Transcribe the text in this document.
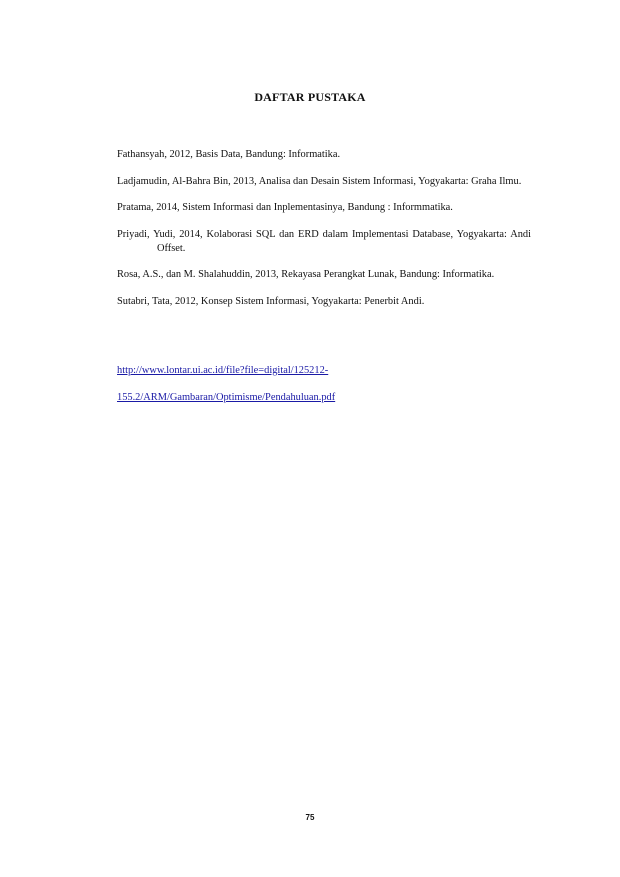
DAFTAR PUSTAKA

Fathansyah, 2012, Basis Data, Bandung: Informatika.

Ladjamudin, Al-Bahra Bin, 2013, Analisa dan Desain Sistem Informasi, Yogyakarta: Graha Ilmu.

Pratama, 2014, Sistem Informasi dan Inplementasinya, Bandung : Informmatika.

Priyadi, Yudi, 2014, Kolaborasi SQL dan ERD dalam Implementasi Database, Yogyakarta: Andi Offset.

Rosa, A.S., dan M. Shalahuddin, 2013, Rekayasa Perangkat Lunak, Bandung: Informatika.

Sutabri, Tata, 2012, Konsep Sistem Informasi, Yogyakarta: Penerbit Andi.

http://www.lontar.ui.ac.id/file?file=digital/125212-
155.2/ARM/Gambaran/Optimisme/Pendahuluan.pdf
75
